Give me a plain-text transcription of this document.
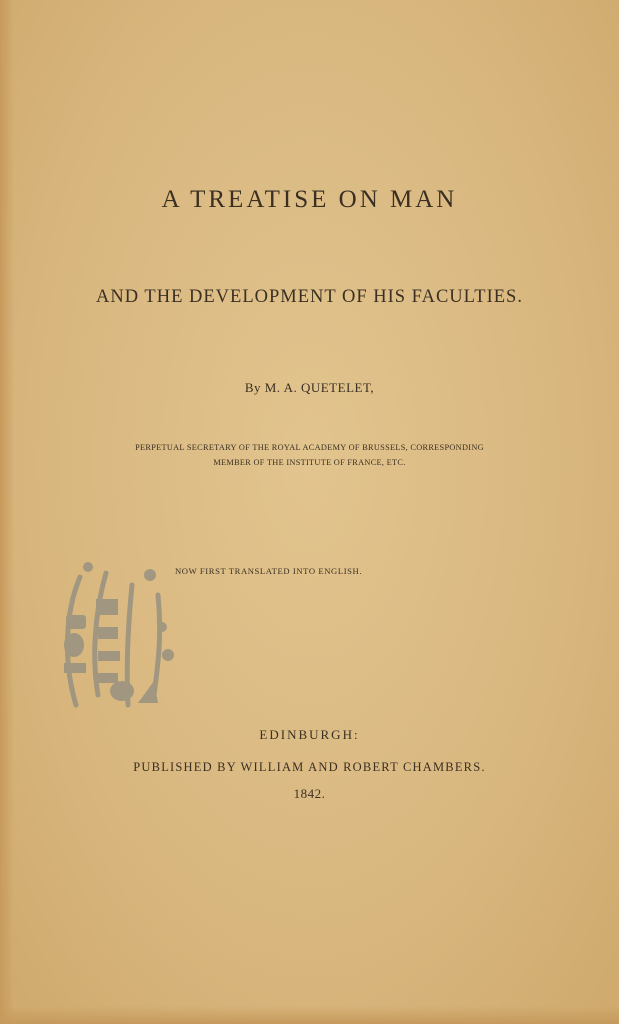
A TREATISE ON MAN
AND THE DEVELOPMENT OF HIS FACULTIES.
By M. A. QUETELET,
PERPETUAL SECRETARY OF THE ROYAL ACADEMY OF BRUSSELS, CORRESPONDING
MEMBER OF THE INSTITUTE OF FRANCE, ETC.
NOW FIRST TRANSLATED INTO ENGLISH.
EDINBURGH:
PUBLISHED BY WILLIAM AND ROBERT CHAMBERS.
1842.
